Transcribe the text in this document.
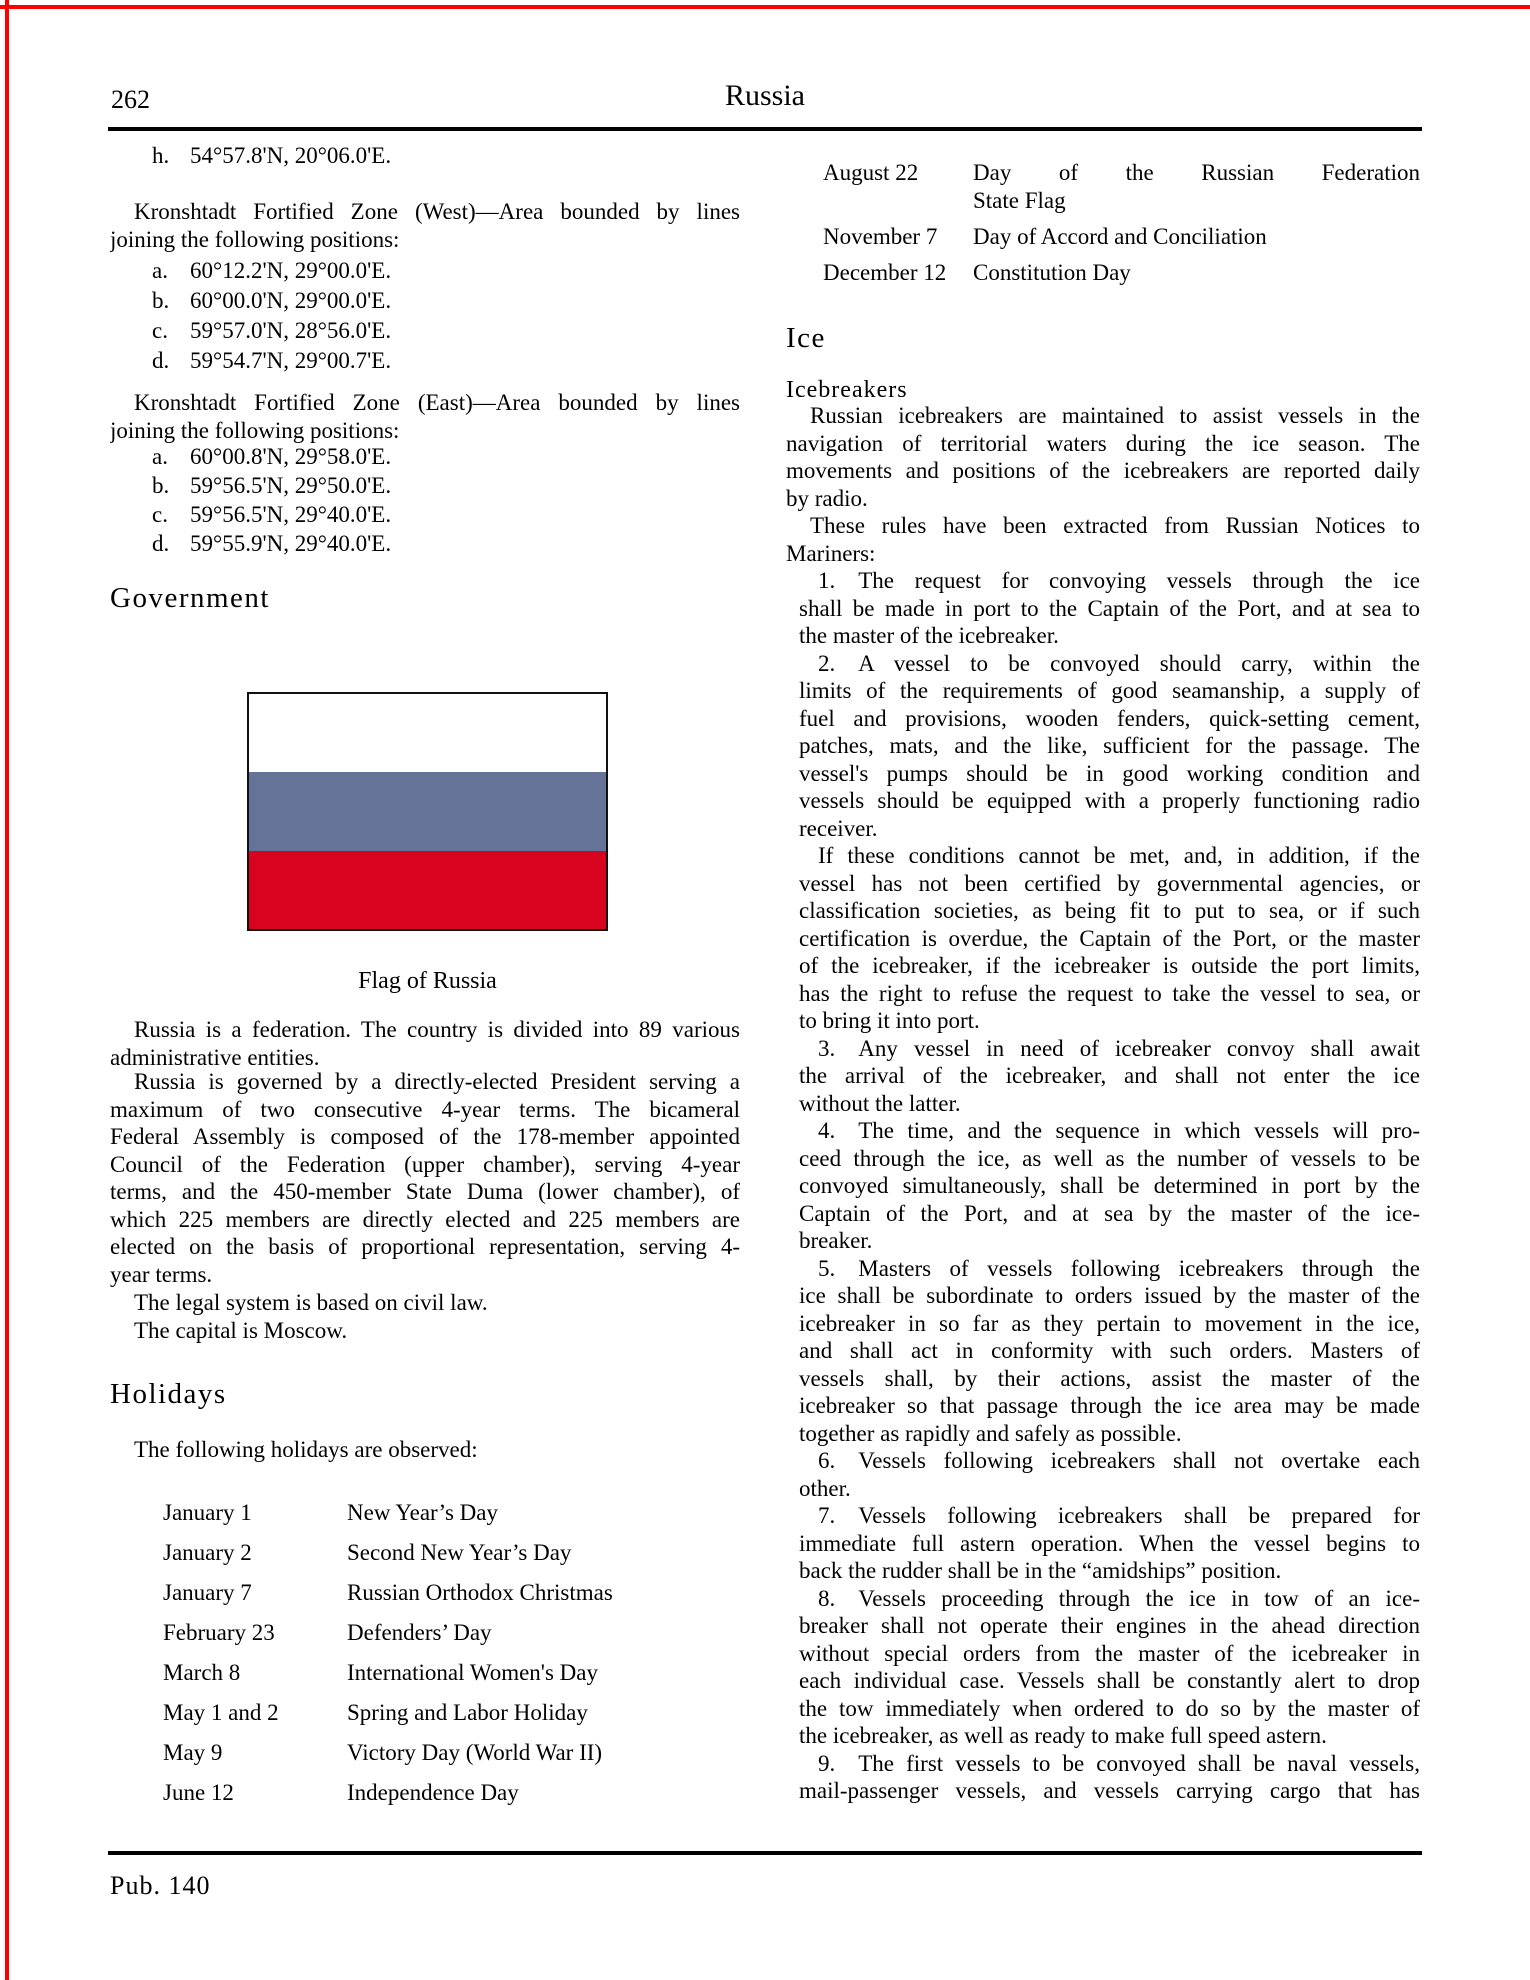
262	Russia
h. 54°57.8'N, 20°06.0'E.
Kronshtadt Fortified Zone (West)—Area bounded by lines
joining the following positions:
a. 60°12.2'N, 29°00.0'E.
b. 60°00.0'N, 29°00.0'E.
c. 59°57.0'N, 28°56.0'E.
d. 59°54.7'N, 29°00.7'E.
Kronshtadt Fortified Zone (East)—Area bounded by lines
joining the following positions:
a. 60°00.8'N, 29°58.0'E.
b. 59°56.5'N, 29°50.0'E.
c. 59°56.5'N, 29°40.0'E.
d. 59°55.9'N, 29°40.0'E.
Government
Flag of Russia
Russia is a federation. The country is divided into 89 various
administrative entities.
Russia is governed by a directly-elected President serving a
maximum of two consecutive 4-year terms. The bicameral
Federal Assembly is composed of the 178-member appointed
Council of the Federation (upper chamber), serving 4-year
terms, and the 450-member State Duma (lower chamber), of
which 225 members are directly elected and 225 members are
elected on the basis of proportional representation, serving 4-
year terms.
The legal system is based on civil law.
The capital is Moscow.
Holidays
The following holidays are observed:
January 1	New Year’s Day
January 2	Second New Year’s Day
January 7	Russian Orthodox Christmas
February 23	Defenders’ Day
March 8	International Women's Day
May 1 and 2	Spring and Labor Holiday
May 9	Victory Day (World War II)
June 12	Independence Day
August 22 Day of the Russian Federation
State Flag
November 7 Day of Accord and Conciliation
December 12 Constitution Day
Ice
Icebreakers
Russian icebreakers are maintained to assist vessels in the
navigation of territorial waters during the ice season. The
movements and positions of the icebreakers are reported daily
by radio.
These rules have been extracted from Russian Notices to
Mariners:
1.  The request for convoying vessels through the ice
shall be made in port to the Captain of the Port, and at sea to
the master of the icebreaker.
2.  A vessel to be convoyed should carry, within the
limits of the requirements of good seamanship, a supply of
fuel and provisions, wooden fenders, quick-setting cement,
patches, mats, and the like, sufficient for the passage. The
vessel's pumps should be in good working condition and
vessels should be equipped with a properly functioning radio
receiver.
If these conditions cannot be met, and, in addition, if the
vessel has not been certified by governmental agencies, or
classification societies, as being fit to put to sea, or if such
certification is overdue, the Captain of the Port, or the master
of the icebreaker, if the icebreaker is outside the port limits,
has the right to refuse the request to take the vessel to sea, or
to bring it into port.
3.  Any vessel in need of icebreaker convoy shall await
the arrival of the icebreaker, and shall not enter the ice
without the latter.
4.  The time, and the sequence in which vessels will pro-
ceed through the ice, as well as the number of vessels to be
convoyed simultaneously, shall be determined in port by the
Captain of the Port, and at sea by the master of the ice-
breaker.
5.  Masters of vessels following icebreakers through the
ice shall be subordinate to orders issued by the master of the
icebreaker in so far as they pertain to movement in the ice,
and shall act in conformity with such orders. Masters of
vessels shall, by their actions, assist the master of the
icebreaker so that passage through the ice area may be made
together as rapidly and safely as possible.
6.  Vessels following icebreakers shall not overtake each
other.
7.  Vessels following icebreakers shall be prepared for
immediate full astern operation. When the vessel begins to
back the rudder shall be in the “amidships” position.
8.  Vessels proceeding through the ice in tow of an ice-
breaker shall not operate their engines in the ahead direction
without special orders from the master of the icebreaker in
each individual case. Vessels shall be constantly alert to drop
the tow immediately when ordered to do so by the master of
the icebreaker, as well as ready to make full speed astern.
9.  The first vessels to be convoyed shall be naval vessels,
mail-passenger vessels, and vessels carrying cargo that has
Pub. 140
